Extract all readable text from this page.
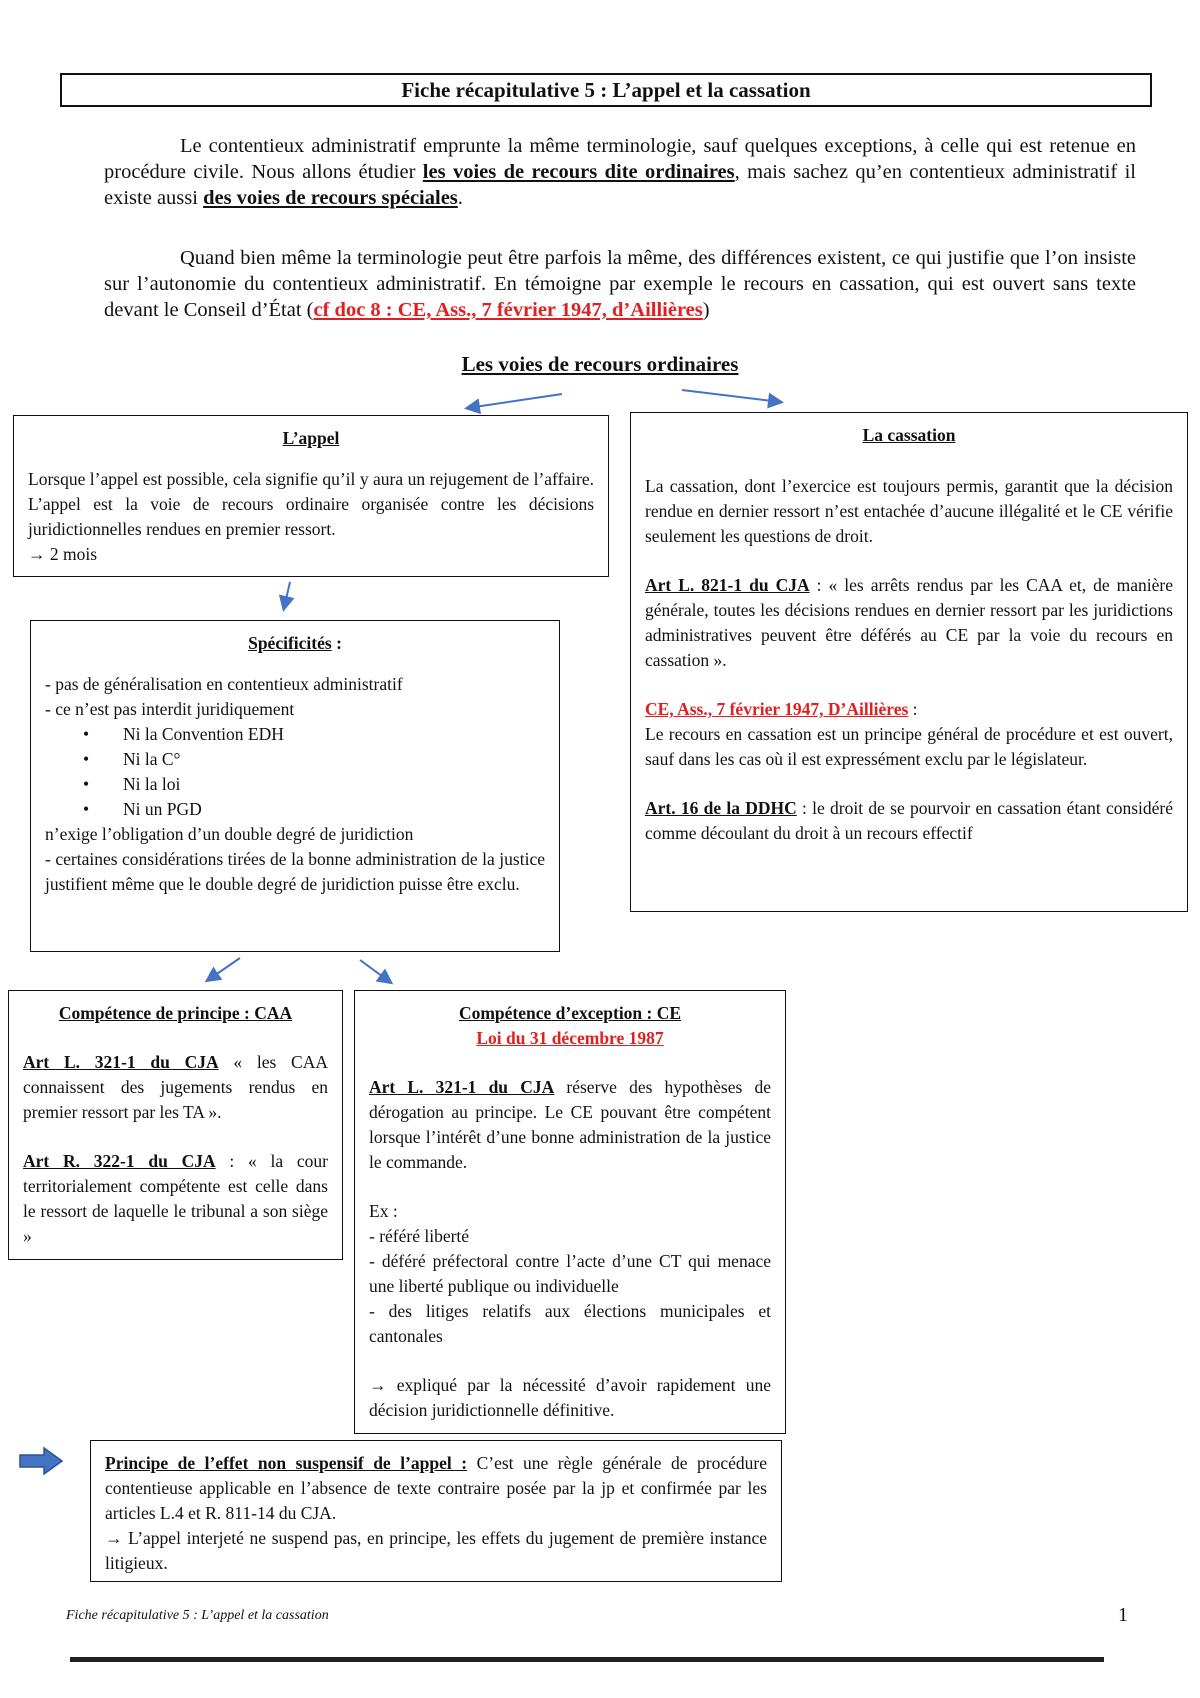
Fiche récapitulative 5 : L’appel et la cassation

Le contentieux administratif emprunte la même terminologie, sauf quelques exceptions, à celle qui est retenue en procédure civile. Nous allons étudier les voies de recours dite ordinaires, mais sachez qu’en contentieux administratif il existe aussi des voies de recours spéciales.

Quand bien même la terminologie peut être parfois la même, des différences existent, ce qui justifie que l’on insiste sur l’autonomie du contentieux administratif. En témoigne par exemple le recours en cassation, qui est ouvert sans texte devant le Conseil d’État (cf doc 8 : CE, Ass., 7 février 1947, d’Aillières)

Les voies de recours ordinaires

L’appel

Lorsque l’appel est possible, cela signifie qu’il y aura un rejugement de l’affaire. L’appel est la voie de recours ordinaire organisée contre les décisions juridictionnelles rendues en premier ressort.

→ 2 mois

Spécificités :

- pas de généralisation en contentieux administratif

- ce n’est pas interdit juridiquement

• Ni la Convention EDH
• Ni la C°
• Ni la loi
• Ni un PGD

n’exige l’obligation d’un double degré de juridiction

- certaines considérations tirées de la bonne administration de la justice justifient même que le double degré de juridiction puisse être exclu.

La cassation

La cassation, dont l’exercice est toujours permis, garantit que la décision rendue en dernier ressort n’est entachée d’aucune illégalité et le CE vérifie seulement les questions de droit.

Art L. 821-1 du CJA : « les arrêts rendus par les CAA et, de manière générale, toutes les décisions rendues en dernier ressort par les juridictions administratives peuvent être déférés au CE par la voie du recours en cassation ».

CE, Ass., 7 février 1947, D’Aillières :

Le recours en cassation est un principe général de procédure et est ouvert, sauf dans les cas où il est expressément exclu par le législateur.

Art. 16 de la DDHC : le droit de se pourvoir en cassation étant considéré comme découlant du droit à un recours effectif

Compétence de principe : CAA

Art L. 321-1 du CJA « les CAA connaissent des jugements rendus en premier ressort par les TA ».

Art R. 322-1 du CJA : « la cour territorialement compétente est celle dans le ressort de laquelle le tribunal a son siège »

Compétence d’exception : CE

Loi du 31 décembre 1987

Art L. 321-1 du CJA réserve des hypothèses de dérogation au principe. Le CE pouvant être compétent lorsque l’intérêt d’une bonne administration de la justice le commande.

Ex :

- référé liberté

- déféré préfectoral contre l’acte d’une CT qui menace une liberté publique ou individuelle

- des litiges relatifs aux élections municipales et cantonales

→ expliqué par la nécessité d’avoir rapidement une décision juridictionnelle définitive.

Principe de l’effet non suspensif de l’appel : C’est une règle générale de procédure contentieuse applicable en l’absence de texte contraire posée par la jp et confirmée par les articles L.4 et R. 811-14 du CJA.

→ L’appel interjeté ne suspend pas, en principe, les effets du jugement de première instance litigieux.

Fiche récapitulative 5 : L’appel et la cassation	1
